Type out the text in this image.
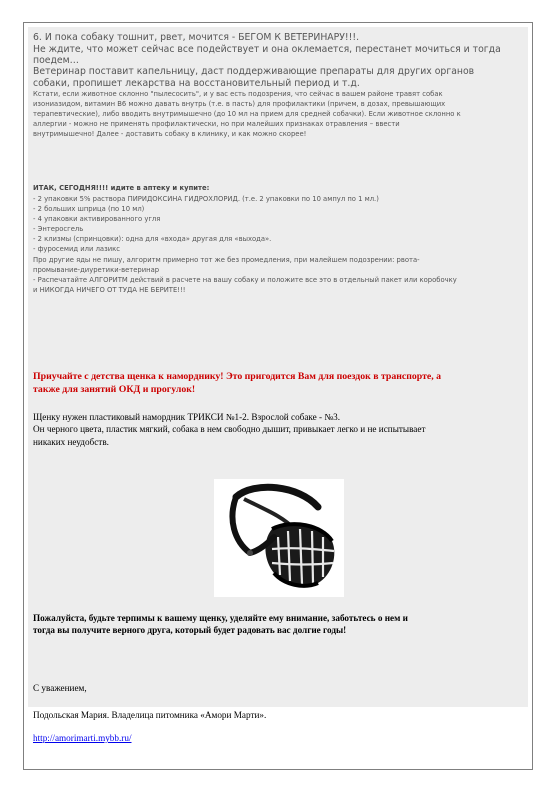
6. И пока собаку тошнит, рвет, мочится - БЕГОМ К ВЕТЕРИНАРУ!!!.
Не ждите, что может сейчас все подействует и она оклемается, перестанет мочиться и тогда
поедем…
Ветеринар поставит капельницу, даст поддерживающие препараты для других органов
собаки, пропишет лекарства на восстановительный период и т.д.
Кстати, если животное склонно "пылесосить", и у вас есть подозрения, что сейчас в вашем районе травят собак
изониазидом, витамин В6 можно давать внутрь (т.е. в пасть) для профилактики (причем, в дозах, превышающих
терапевтические), либо вводить внутримышечно (до 10 мл на прием для средней собачки). Если животное склонно к
аллергии - можно не применять профилактически, но при малейших признаках отравления – ввести
внутримышечно! Далее - доставить собаку в клинику, и как можно скорее!
ИТАК, СЕГОДНЯ!!!! идите в аптеку и купите:
- 2 упаковки 5% раствора ПИРИДОКСИНА ГИДРОХЛОРИД. (т.е. 2 упаковки по 10 ампул по 1 мл.)
- 2 больших шприца (по 10 мл)
- 4 упаковки активированного угля
- Энтеросгель
- 2 клизмы (спринцовки): одна для «входа» другая для «выхода».
- фуросемид или лазикс
Про другие яды не пишу, алгоритм примерно тот же без промедления, при малейшем подозрении: рвота-
промывание-диуретики-ветеринар
- Распечатайте АЛГОРИТМ действий в расчете на вашу собаку и положите все это в отдельный пакет или коробочку
и НИКОГДА НИЧЕГО ОТ ТУДА НЕ БЕРИТЕ!!!
Приучайте с детства щенка к наморднику! Это пригодится Вам для поездок в транспорте, а
также для занятий ОКД и прогулок!
Щенку нужен пластиковый намордник ТРИКСИ №1-2. Взрослой собаке - №3.
Он черного цвета, пластик мягкий, собака в нем свободно дышит, привыкает легко и не испытывает
никаких неудобств.
Пожалуйста, будьте терпимы к вашему щенку, уделяйте ему внимание, заботьтесь о нем и
тогда вы получите верного друга, который будет радовать вас долгие годы!
С уважением,
Подольская Мария. Владелица питомника «Амори Марти».
http://amorimarti.mybb.ru/
